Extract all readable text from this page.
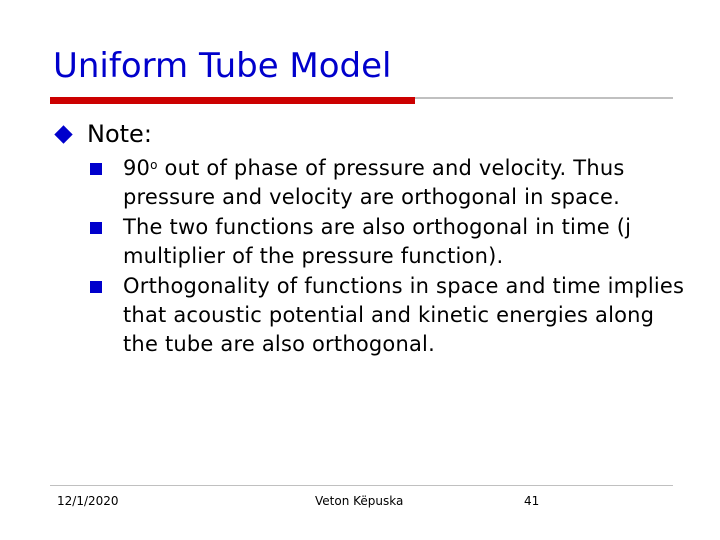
Uniform Tube Model
Note:
90$^o$ out of phase of pressure and velocity. Thus pressure and velocity are orthogonal in space.
The two functions are also orthogonal in time (j multiplier of the pressure function).
Orthogonality of functions in space and time implies that acoustic potential and kinetic energies along the tube are also orthogonal.
12/1/2020	Veton Këpuska	41
